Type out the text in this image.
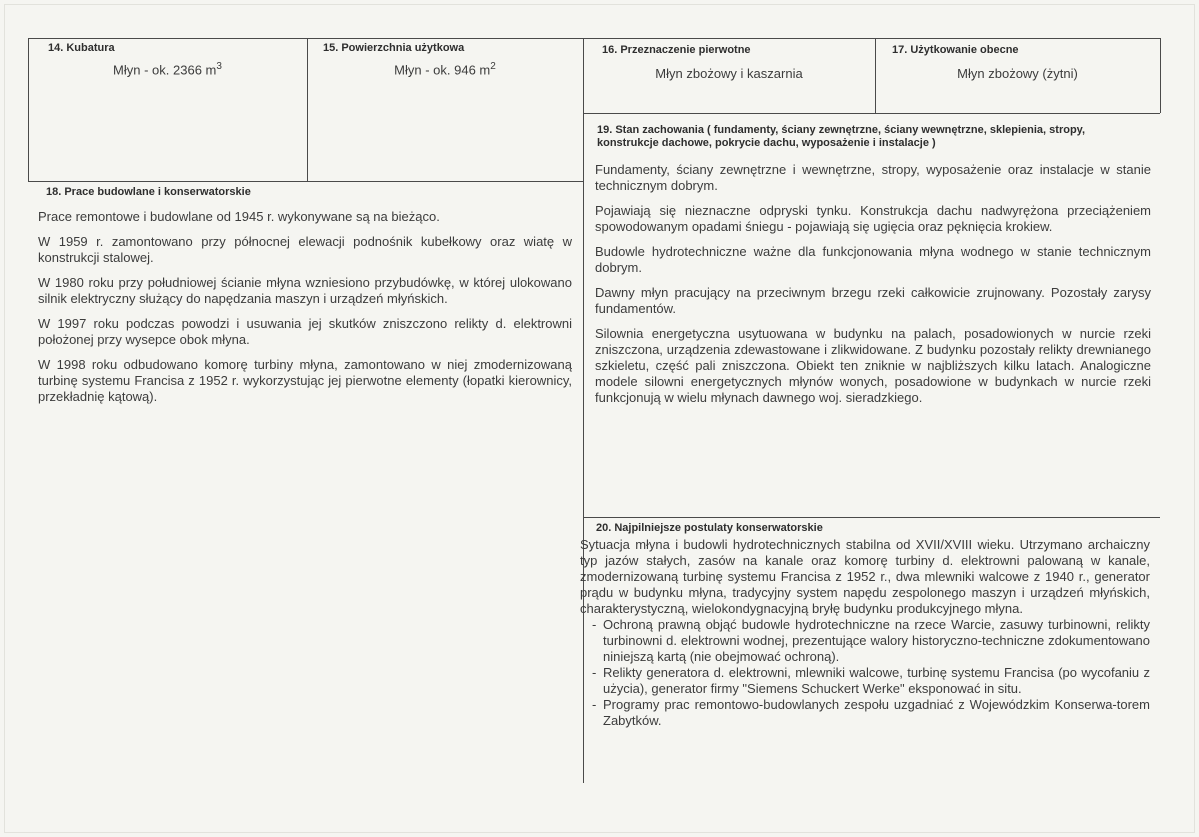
14. Kubatura
Młyn - ok. 2366 $m^3$
15. Powierzchnia użytkowa
Młyn - ok. 946 $m^2$
16. Przeznaczenie pierwotne
Młyn zbożowy i kaszarnia
17. Użytkowanie obecne
Młyn zbożowy (żytni)
18. Prace budowlane i konserwatorskie

Prace remontowe i budowlane od 1945 r. wykonywane są na bieżąco.

W 1959 r. zamontowano przy północnej elewacji podnośnik kubełkowy oraz wiatę w konstrukcji stalowej.

W 1980 roku przy południowej ścianie młyna wzniesiono przybudówkę, w której ulokowano silnik elektryczny służący do napędzania maszyn i urządzeń młyńskich.

W 1997 roku podczas powodzi i usuwania jej skutków zniszczono relikty d. elektrowni położonej przy wysepce obok młyna.

W 1998 roku odbudowano komorę turbiny młyna, zamontowano w niej zmodernizowaną turbinę systemu Francisa z 1952 r. wykorzystując jej pierwotne elementy (łopatki kierownicy, przekładnię kątową).

19. Stan zachowania ( fundamenty, ściany zewnętrzne, ściany wewnętrzne, sklepienia, stropy, konstrukcje dachowe, pokrycie dachu, wyposażenie i instalacje )

Fundamenty, ściany zewnętrzne i wewnętrzne, stropy, wyposażenie oraz instalacje w stanie technicznym dobrym.

Pojawiają się nieznaczne odpryski tynku. Konstrukcja dachu nadwyrężona przeciążeniem spowodowanym opadami śniegu - pojawiają się ugięcia oraz pęknięcia krokiew.

Budowle hydrotechniczne ważne dla funkcjonowania młyna wodnego w stanie technicznym dobrym.

Dawny młyn pracujący na przeciwnym brzegu rzeki całkowicie zrujnowany. Pozostały zarysy fundamentów.

Silownia energetyczna usytuowana w budynku na palach, posadowionych w nurcie rzeki zniszczona, urządzenia zdewastowane i zlikwidowane. Z budynku pozostały relikty drewnianego szkieletu, część pali zniszczona. Obiekt ten zniknie w najbliższych kilku latach. Analogiczne modele silowni energetycznych młynów wonych, posadowione w budynkach w nurcie rzeki funkcjonują w wielu młynach dawnego woj. sieradzkiego.

20. Najpilniejsze postulaty konserwatorskie
Sytuacja młyna i budowli hydrotechnicznych stabilna od XVII/XVIII wieku. Utrzymano archaiczny typ jazów stałych, zasów na kanale oraz komorę turbiny d. elektrowni palowaną w kanale, zmodernizowaną turbinę systemu Francisa z 1952 r., dwa mlewniki walcowe z 1940 r., generator prądu w budynku młyna, tradycyjny system napędu zespolonego maszyn i urządzeń młyńskich, charakterystyczną, wielokondygnacyjną bryłę budynku produkcyjnego młyna.
- Ochroną prawną objąć budowle hydrotechniczne na rzece Warcie, zasuwy turbinowni, relikty turbinowni d. elektrowni wodnej, prezentujące walory historyczno-techniczne zdokumentowano niniejszą kartą (nie obejmować ochroną).
- Relikty generatora d. elektrowni, mlewniki walcowe, turbinę systemu Francisa (po wycofaniu z użycia), generator firmy "Siemens Schuckert Werke" eksponować in situ.
- Programy prac remontowo-budowlanych zespołu uzgadniać z Wojewódzkim Konserwa-torem Zabytków.
